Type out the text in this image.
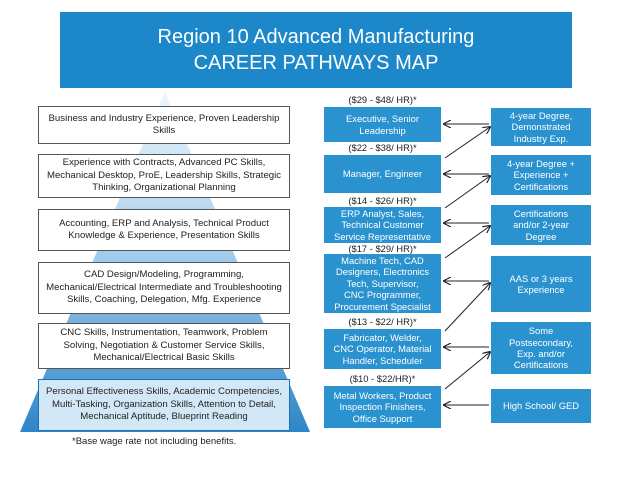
Region 10 Advanced Manufacturing
CAREER PATHWAYS MAP
Business and Industry Experience, Proven Leadership
Skills
Experience with Contracts, Advanced PC Skills,
Mechanical Desktop, ProE, Leadership Skills, Strategic
Thinking, Organizational Planning
Accounting, ERP and Analysis, Technical Product
Knowledge & Experience, Presentation Skills
CAD Design/Modeling, Programming,
Mechanical/Electrical Intermediate and Troubleshooting
Skills, Coaching, Delegation, Mfg. Experience
CNC Skills, Instrumentation, Teamwork, Problem
Solving, Negotiation & Customer Service Skills,
Mechanical/Electrical Basic Skills
Personal Effectiveness Skills, Academic Competencies,
Multi-Tasking, Organization Skills, Attention to Detail,
Mechanical Aptitude, Blueprint Reading
($29 - $48/ HR)*
($22 - $38/ HR)*
($14 - $26/ HR)*
($17 - $29/ HR)*
($13 - $22/ HR)*
($10 - $22/HR)*
Executive, Senior
Leadership
Manager, Engineer
ERP Analyst, Sales,
Technical Customer
Service Representative
Machine Tech, CAD
Designers, Electronics
Tech, Supervisor,
CNC Programmer,
Procurement Specialist
Fabricator, Welder,
CNC Operator, Material
Handler, Scheduler
Metal Workers, Product
Inspection Finishers,
Office Support
4-year Degree,
Demonstrated
Industry Exp.
4-year Degree +
Experience +
Certifications
Certifications
and/or 2-year
Degree
AAS or 3 years
Experience
Some
Postsecondary,
Exp. and/or
Certifications
High School/ GED
*Base wage rate not including benefits.
